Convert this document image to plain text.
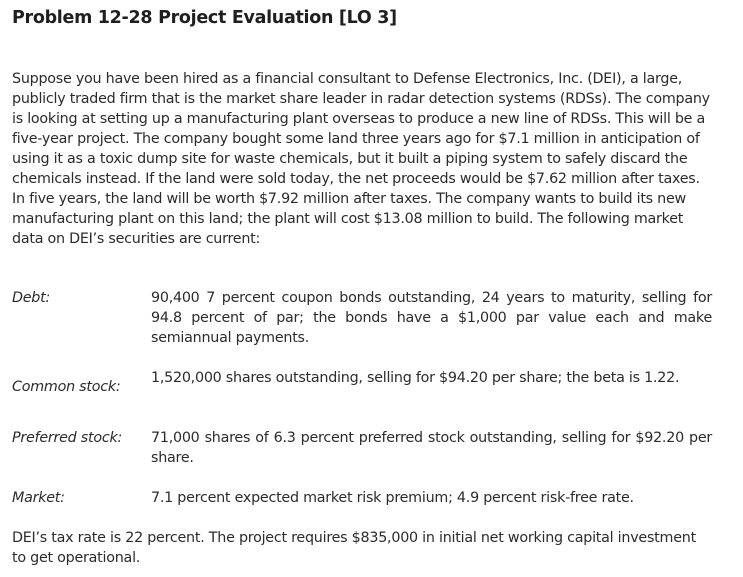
Problem 12-28 Project Evaluation [LO 3]

Suppose you have been hired as a financial consultant to Defense Electronics, Inc. (DEI), a large, publicly traded firm that is the market share leader in radar detection systems (RDSs). The company is looking at setting up a manufacturing plant overseas to produce a new line of RDSs. This will be a five-year project. The company bought some land three years ago for $7.1 million in anticipation of using it as a toxic dump site for waste chemicals, but it built a piping system to safely discard the chemicals instead. If the land were sold today, the net proceeds would be $7.62 million after taxes. In five years, the land will be worth $7.92 million after taxes. The company wants to build its new manufacturing plant on this land; the plant will cost $13.08 million to build. The following market data on DEI’s securities are current:

Debt:	90,400 7 percent coupon bonds outstanding, 24 years to maturity, selling for 94.8 percent of par; the bonds have a $1,000 par value each and make semiannual payments.
Common stock:
1,520,000 shares outstanding, selling for $94.20 per share; the beta is 1.22.
Preferred stock: 71,000 shares of 6.3 percent preferred stock outstanding, selling for $92.20 per share.
Market:	7.1 percent expected market risk premium; 4.9 percent risk-free rate.

DEI’s tax rate is 22 percent. The project requires $835,000 in initial net working capital investment to get operational.
